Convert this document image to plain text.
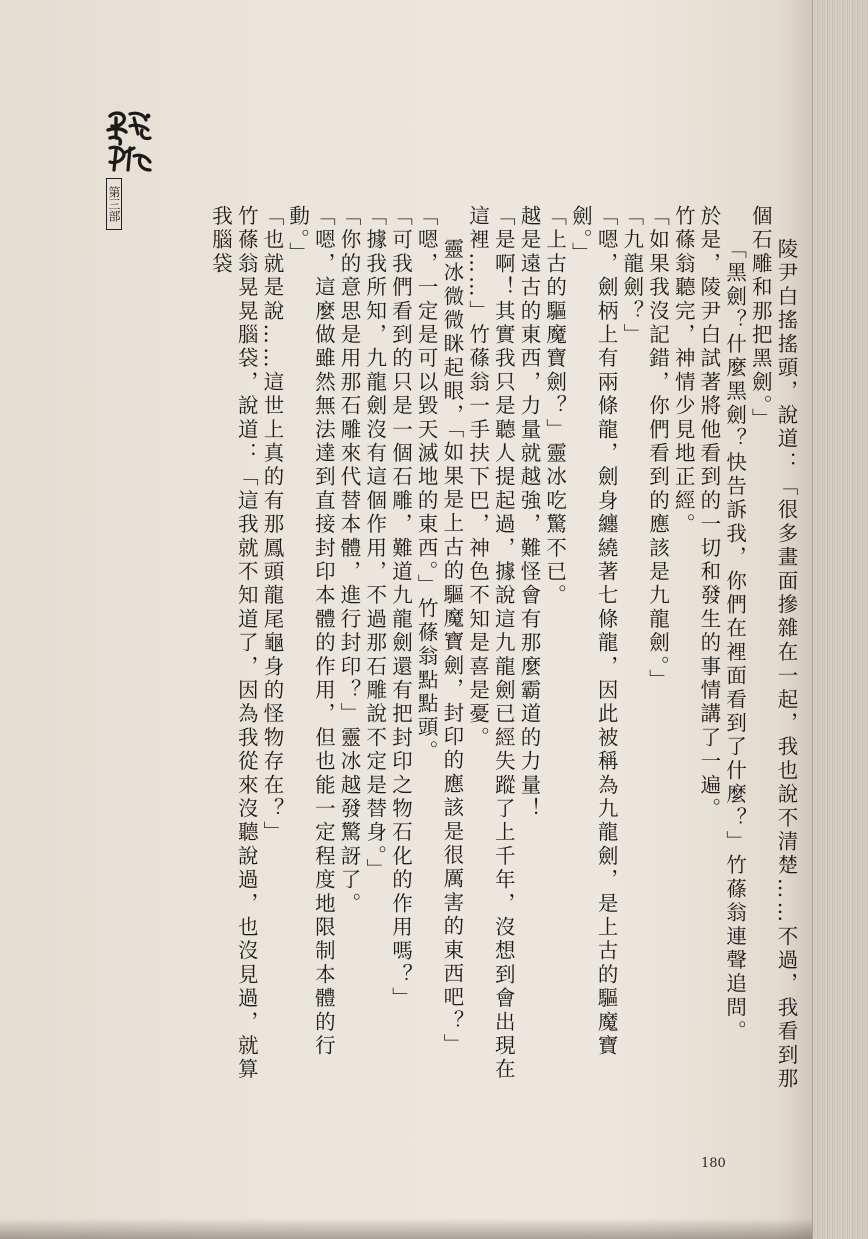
第三部

陵尹白搖搖頭，說道：「很多畫面摻雜在一起，我也說不清楚……不過，我看到那個石雕和那把黑劍。」

「黑劍？什麼黑劍？快告訴我，你們在裡面看到了什麼？」竹蓧翁連聲追問。

於是，陵尹白試著將他看到的一切和發生的事情講了一遍。

竹蓧翁聽完，神情少見地正經。

「如果我沒記錯，你們看到的應該是九龍劍。」

「九龍劍？」

「嗯，劍柄上有兩條龍，劍身纏繞著七條龍，因此被稱為九龍劍，是上古的驅魔寶劍。」

「上古的驅魔寶劍？」靈冰吃驚不已。

越是遠古的東西，力量就越強，難怪會有那麼霸道的力量！

「是啊！其實我只是聽人提起過，據說這九龍劍已經失蹤了上千年，沒想到會出現在這裡……」竹蓧翁一手扶下巴，神色不知是喜是憂。

靈冰微微眯起眼，「如果是上古的驅魔寶劍，封印的應該是很厲害的東西吧？」

「嗯，一定是可以毀天滅地的東西。」竹蓧翁點點頭。

「可我們看到的只是一個石雕，難道九龍劍還有把封印之物石化的作用嗎？」

「據我所知，九龍劍沒有這個作用，不過那石雕說不定是替身。」

「你的意思是用那石雕來代替本體，進行封印？」靈冰越發驚訝了。

「嗯，這麼做雖然無法達到直接封印本體的作用，但也能一定程度地限制本體的行動。」

「也就是說……這世上真的有那鳳頭龍尾龜身的怪物存在？」

竹蓧翁晃晃腦袋，說道：「這我就不知道了，因為我從來沒聽說過，也沒見過，就算我腦袋

180
